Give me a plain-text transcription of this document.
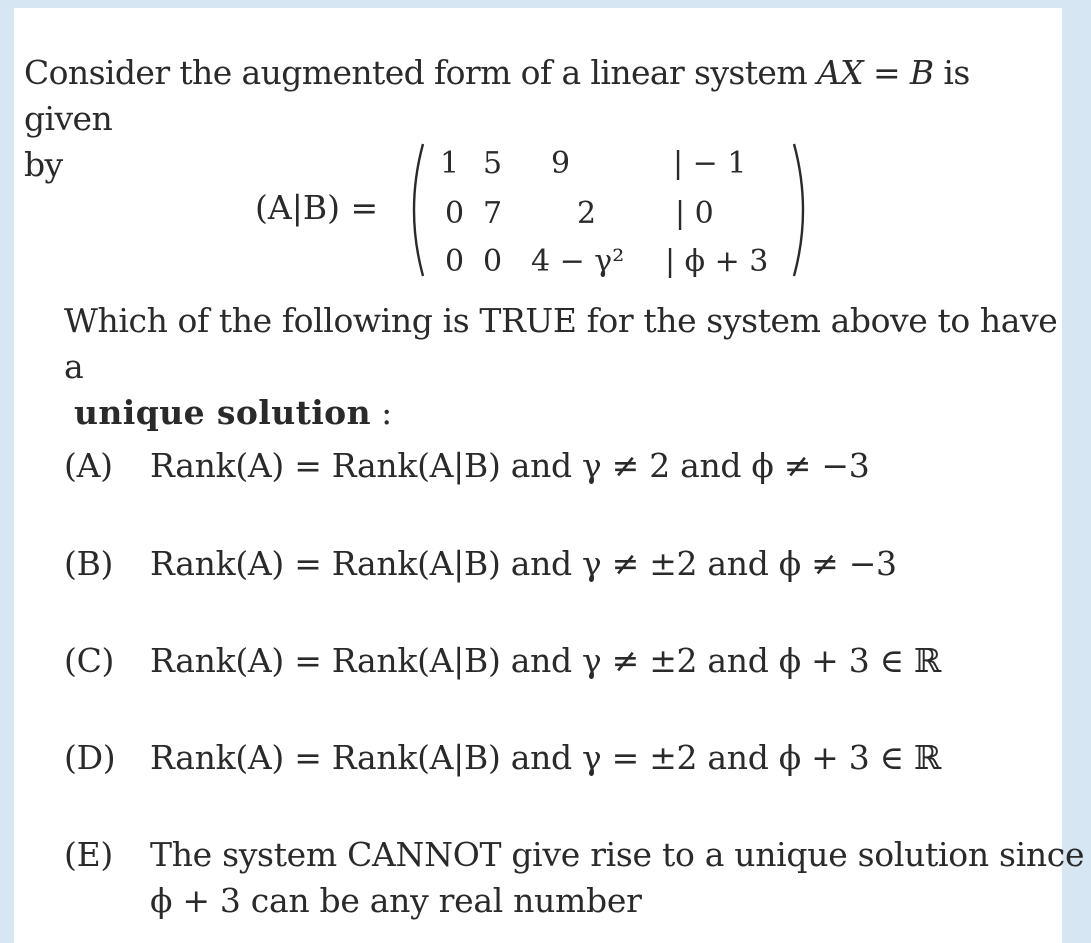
Consider the augmented form of a linear system AX = B is given
by
(A|B) =
1 5 9	| − 1
0 7 2	| 0
0 0 4 − γ² | ϕ + 3
Which of the following is TRUE for the system above to have a
unique solution :
(A) Rank(A) = Rank(A|B) and γ ≠ 2 and ϕ ≠ −3
(B) Rank(A) = Rank(A|B) and γ ≠ ±2 and ϕ ≠ −3
(C) Rank(A) = Rank(A|B) and γ ≠ ±2 and ϕ + 3 ∈ ℝ
(D) Rank(A) = Rank(A|B) and γ = ±2 and ϕ + 3 ∈ ℝ
(E) The system CANNOT give rise to a unique solution since
ϕ + 3 can be any real number
